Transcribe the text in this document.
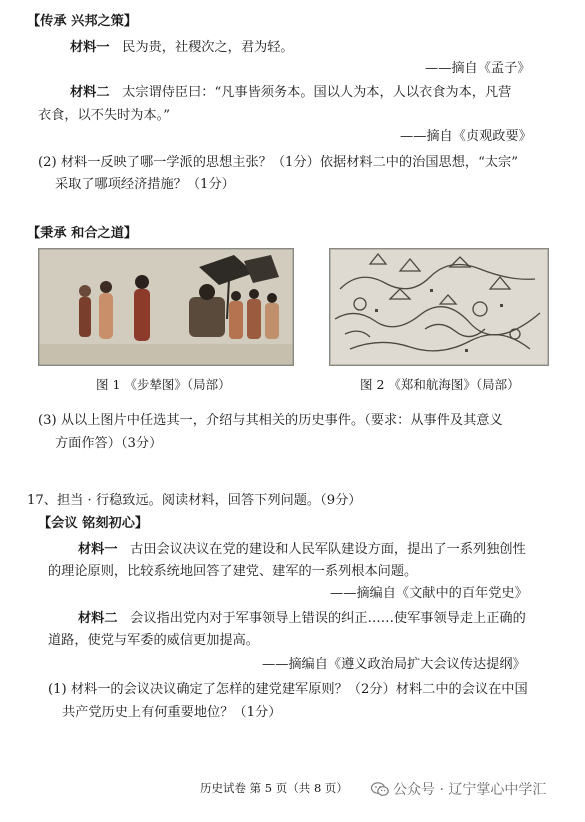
【传承 兴邦之策】
材料一 民为贵，社稷次之，君为轻。
——摘自《孟子》
材料二 太宗谓侍臣曰：“凡事皆须务本。国以人为本，人以衣食为本，凡营
衣食，以不失时为本。”
——摘自《贞观政要》
(2) 材料一反映了哪一学派的思想主张？（1分）依据材料二中的治国思想，“太宗”
采取了哪项经济措施？（1分）
【秉承 和合之道】
图 1 《步辇图》（局部）	图 2 《郑和航海图》（局部）
(3) 从以上图片中任选其一，介绍与其相关的历史事件。（要求：从事件及其意义
方面作答）（3分）
17、担当 · 行稳致远。阅读材料，回答下列问题。（9分）
【会议 铭刻初心】
材料一 古田会议决议在党的建设和人民军队建设方面，提出了一系列独创性
的理论原则，比较系统地回答了建党、建军的一系列根本问题。
——摘编自《文献中的百年党史》
材料二 会议指出党内对于军事领导上错误的纠正……使军事领导走上正确的
道路，使党与军委的威信更加提高。
——摘编自《遵义政治局扩大会议传达提纲》
(1) 材料一的会议决议确定了怎样的建党建军原则？（2分）材料二中的会议在中国
共产党历史上有何重要地位？（1分）
历史试卷 第 5 页（共 8 页）	公众号 · 辽宁掌心中学汇
